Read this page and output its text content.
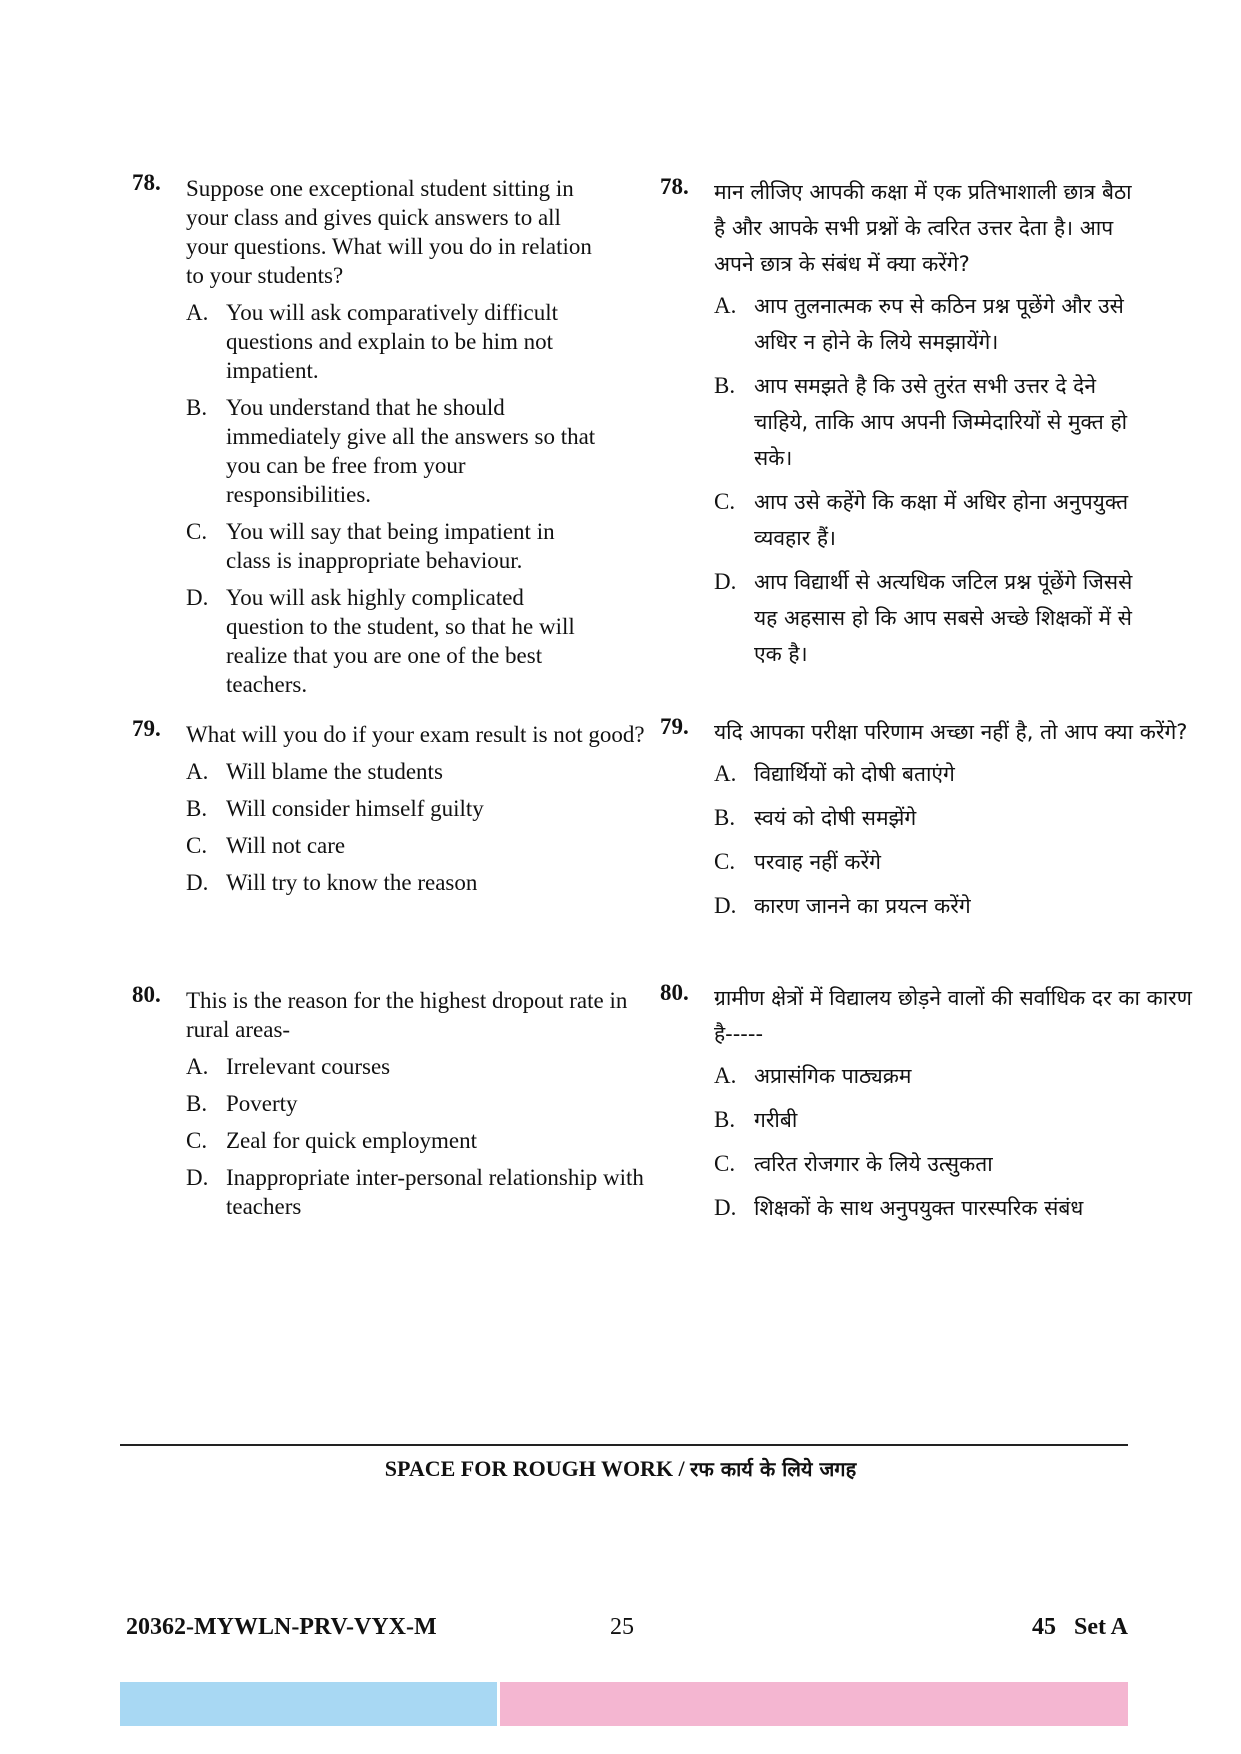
78. Suppose one exceptional student sitting in your class and gives quick answers to all your questions. What will you do in relation to your students?

A. You will ask comparatively difficult questions and explain to be him not impatient.
B. You understand that he should immediately give all the answers so that you can be free from your responsibilities.
C. You will say that being impatient in class is inappropriate behaviour.
D. You will ask highly complicated question to the student, so that he will realize that you are one of the best teachers.
79. What will you do if your exam result is not good?

A. Will blame the students
B. Will consider himself guilty
C. Will not care
D. Will try to know the reason
80. This is the reason for the highest dropout rate in rural areas-

A. Irrelevant courses
B. Poverty
C. Zeal for quick employment
D. Inappropriate inter-personal relationship with teachers
78. मान लीजिए आपकी कक्षा में एक प्रतिभाशाली छात्र बैठा है और आपके सभी प्रश्नों के त्वरित उत्तर देता है। आप अपने छात्र के संबंध में क्या करेंगे?

A. आप तुलनात्मक रुप से कठिन प्रश्न पूछेंगे और उसे अधिर न होने के लिये समझायेंगे।
B. आप समझते है कि उसे तुरंत सभी उत्तर दे देने चाहिये, ताकि आप अपनी जिम्मेदारियों से मुक्त हो सके।
C. आप उसे कहेंगे कि कक्षा में अधिर होना अनुपयुक्त व्यवहार हैं।
D. आप विद्यार्थी से अत्यधिक जटिल प्रश्न पूंछेंगे जिससे यह अहसास हो कि आप सबसे अच्छे शिक्षकों में से एक है।
79. यदि आपका परीक्षा परिणाम अच्छा नहीं है, तो आप क्या करेंगे?

A. विद्यार्थियों को दोषी बताएंगे
B. स्वयं को दोषी समझेंगे
C. परवाह नहीं करेंगे
D. कारण जानने का प्रयत्न करेंगे
80. ग्रामीण क्षेत्रों में विद्यालय छोड़ने वालों की सर्वाधिक दर का कारण है-----

A. अप्रासंगिक पाठ्यक्रम
B. गरीबी
C. त्वरित रोजगार के लिये उत्सुकता
D. शिक्षकों के साथ अनुपयुक्त पारस्परिक संबंध
SPACE FOR ROUGH WORK / रफ कार्य के लिये जगह
20362-MYWLN-PRV-VYX-M	25	45   Set A
